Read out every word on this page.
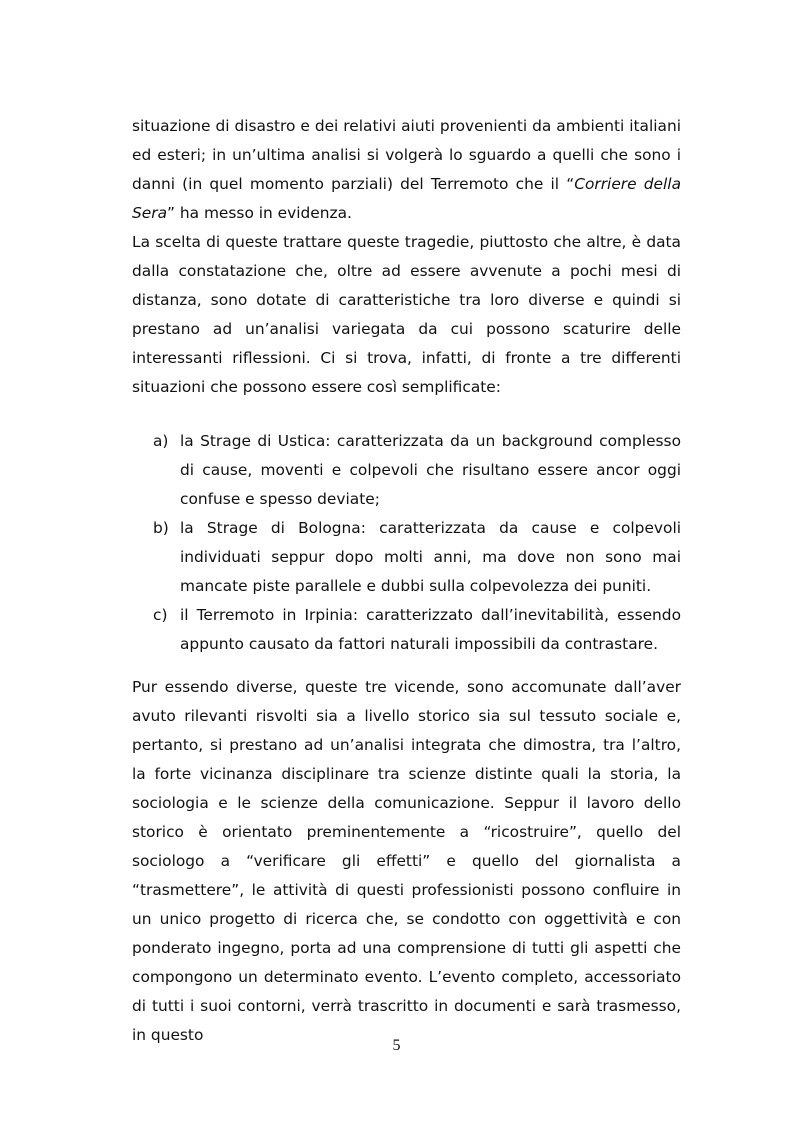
situazione di disastro e dei relativi aiuti provenienti da ambienti italiani ed esteri; in un’ultima analisi si volgerà lo sguardo a quelli che sono i danni (in quel momento parziali) del Terremoto che il “Corriere della Sera” ha messo in evidenza.

La scelta di queste trattare queste tragedie, piuttosto che altre, è data dalla constatazione che, oltre ad essere avvenute a pochi mesi di distanza, sono dotate di caratteristiche tra loro diverse e quindi si prestano ad un’analisi variegata da cui possono scaturire delle interessanti riflessioni. Ci si trova, infatti, di fronte a tre differenti situazioni che possono essere così semplificate:

a) la Strage di Ustica: caratterizzata da un background complesso di cause, moventi e colpevoli che risultano essere ancor oggi confuse e spesso deviate;
b) la Strage di Bologna: caratterizzata da cause e colpevoli individuati seppur dopo molti anni, ma dove non sono mai mancate piste parallele e dubbi sulla colpevolezza dei puniti.
c) il Terremoto in Irpinia: caratterizzato dall’inevitabilità, essendo appunto causato da fattori naturali impossibili da contrastare.

Pur essendo diverse, queste tre vicende, sono accomunate dall’aver avuto rilevanti risvolti sia a livello storico sia sul tessuto sociale e, pertanto, si prestano ad un’analisi integrata che dimostra, tra l’altro, la forte vicinanza disciplinare tra scienze distinte quali la storia, la sociologia e le scienze della comunicazione. Seppur il lavoro dello storico è orientato preminentemente a “ricostruire”, quello del sociologo a “verificare gli effetti” e quello del giornalista a “trasmettere”, le attività di questi professionisti possono confluire in un unico progetto di ricerca che, se condotto con oggettività e con ponderato ingegno, porta ad una comprensione di tutti gli aspetti che compongono un determinato evento. L’evento completo, accessoriato di tutti i suoi contorni, verrà trascritto in documenti e sarà trasmesso, in questo

5
